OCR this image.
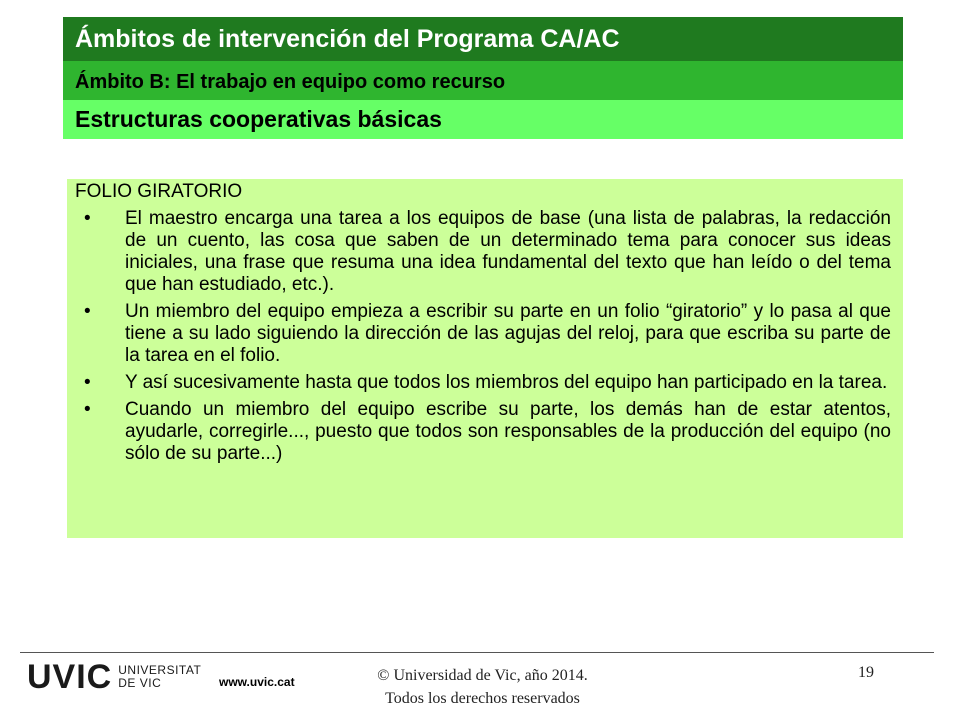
Ámbitos de intervención del Programa CA/AC
Ámbito B: El trabajo en equipo como recurso
Estructuras cooperativas básicas
FOLIO GIRATORIO
• El maestro encarga una tarea a los equipos de base (una lista de palabras, la redacción de un cuento, las cosa que saben de un determinado tema para conocer sus ideas iniciales, una frase que resuma una idea fundamental del texto que han leído o del tema que han estudiado, etc.).
• Un miembro del equipo empieza a escribir su parte en un folio “giratorio” y lo pasa al que tiene a su lado siguiendo la dirección de las agujas del reloj, para que escriba su parte de la tarea en el folio.
• Y así sucesivamente hasta que todos los miembros del equipo han participado en la tarea.
• Cuando un miembro del equipo escribe su parte, los demás han de estar atentos, ayudarle, corregirle..., puesto que todos son responsables de la producción del equipo (no sólo de su parte...)
UVIC UNIVERSITAT
DE VIC	www.uvic.cat	© Universidad de Vic, año 2014.
Todos los derechos reservados
19
